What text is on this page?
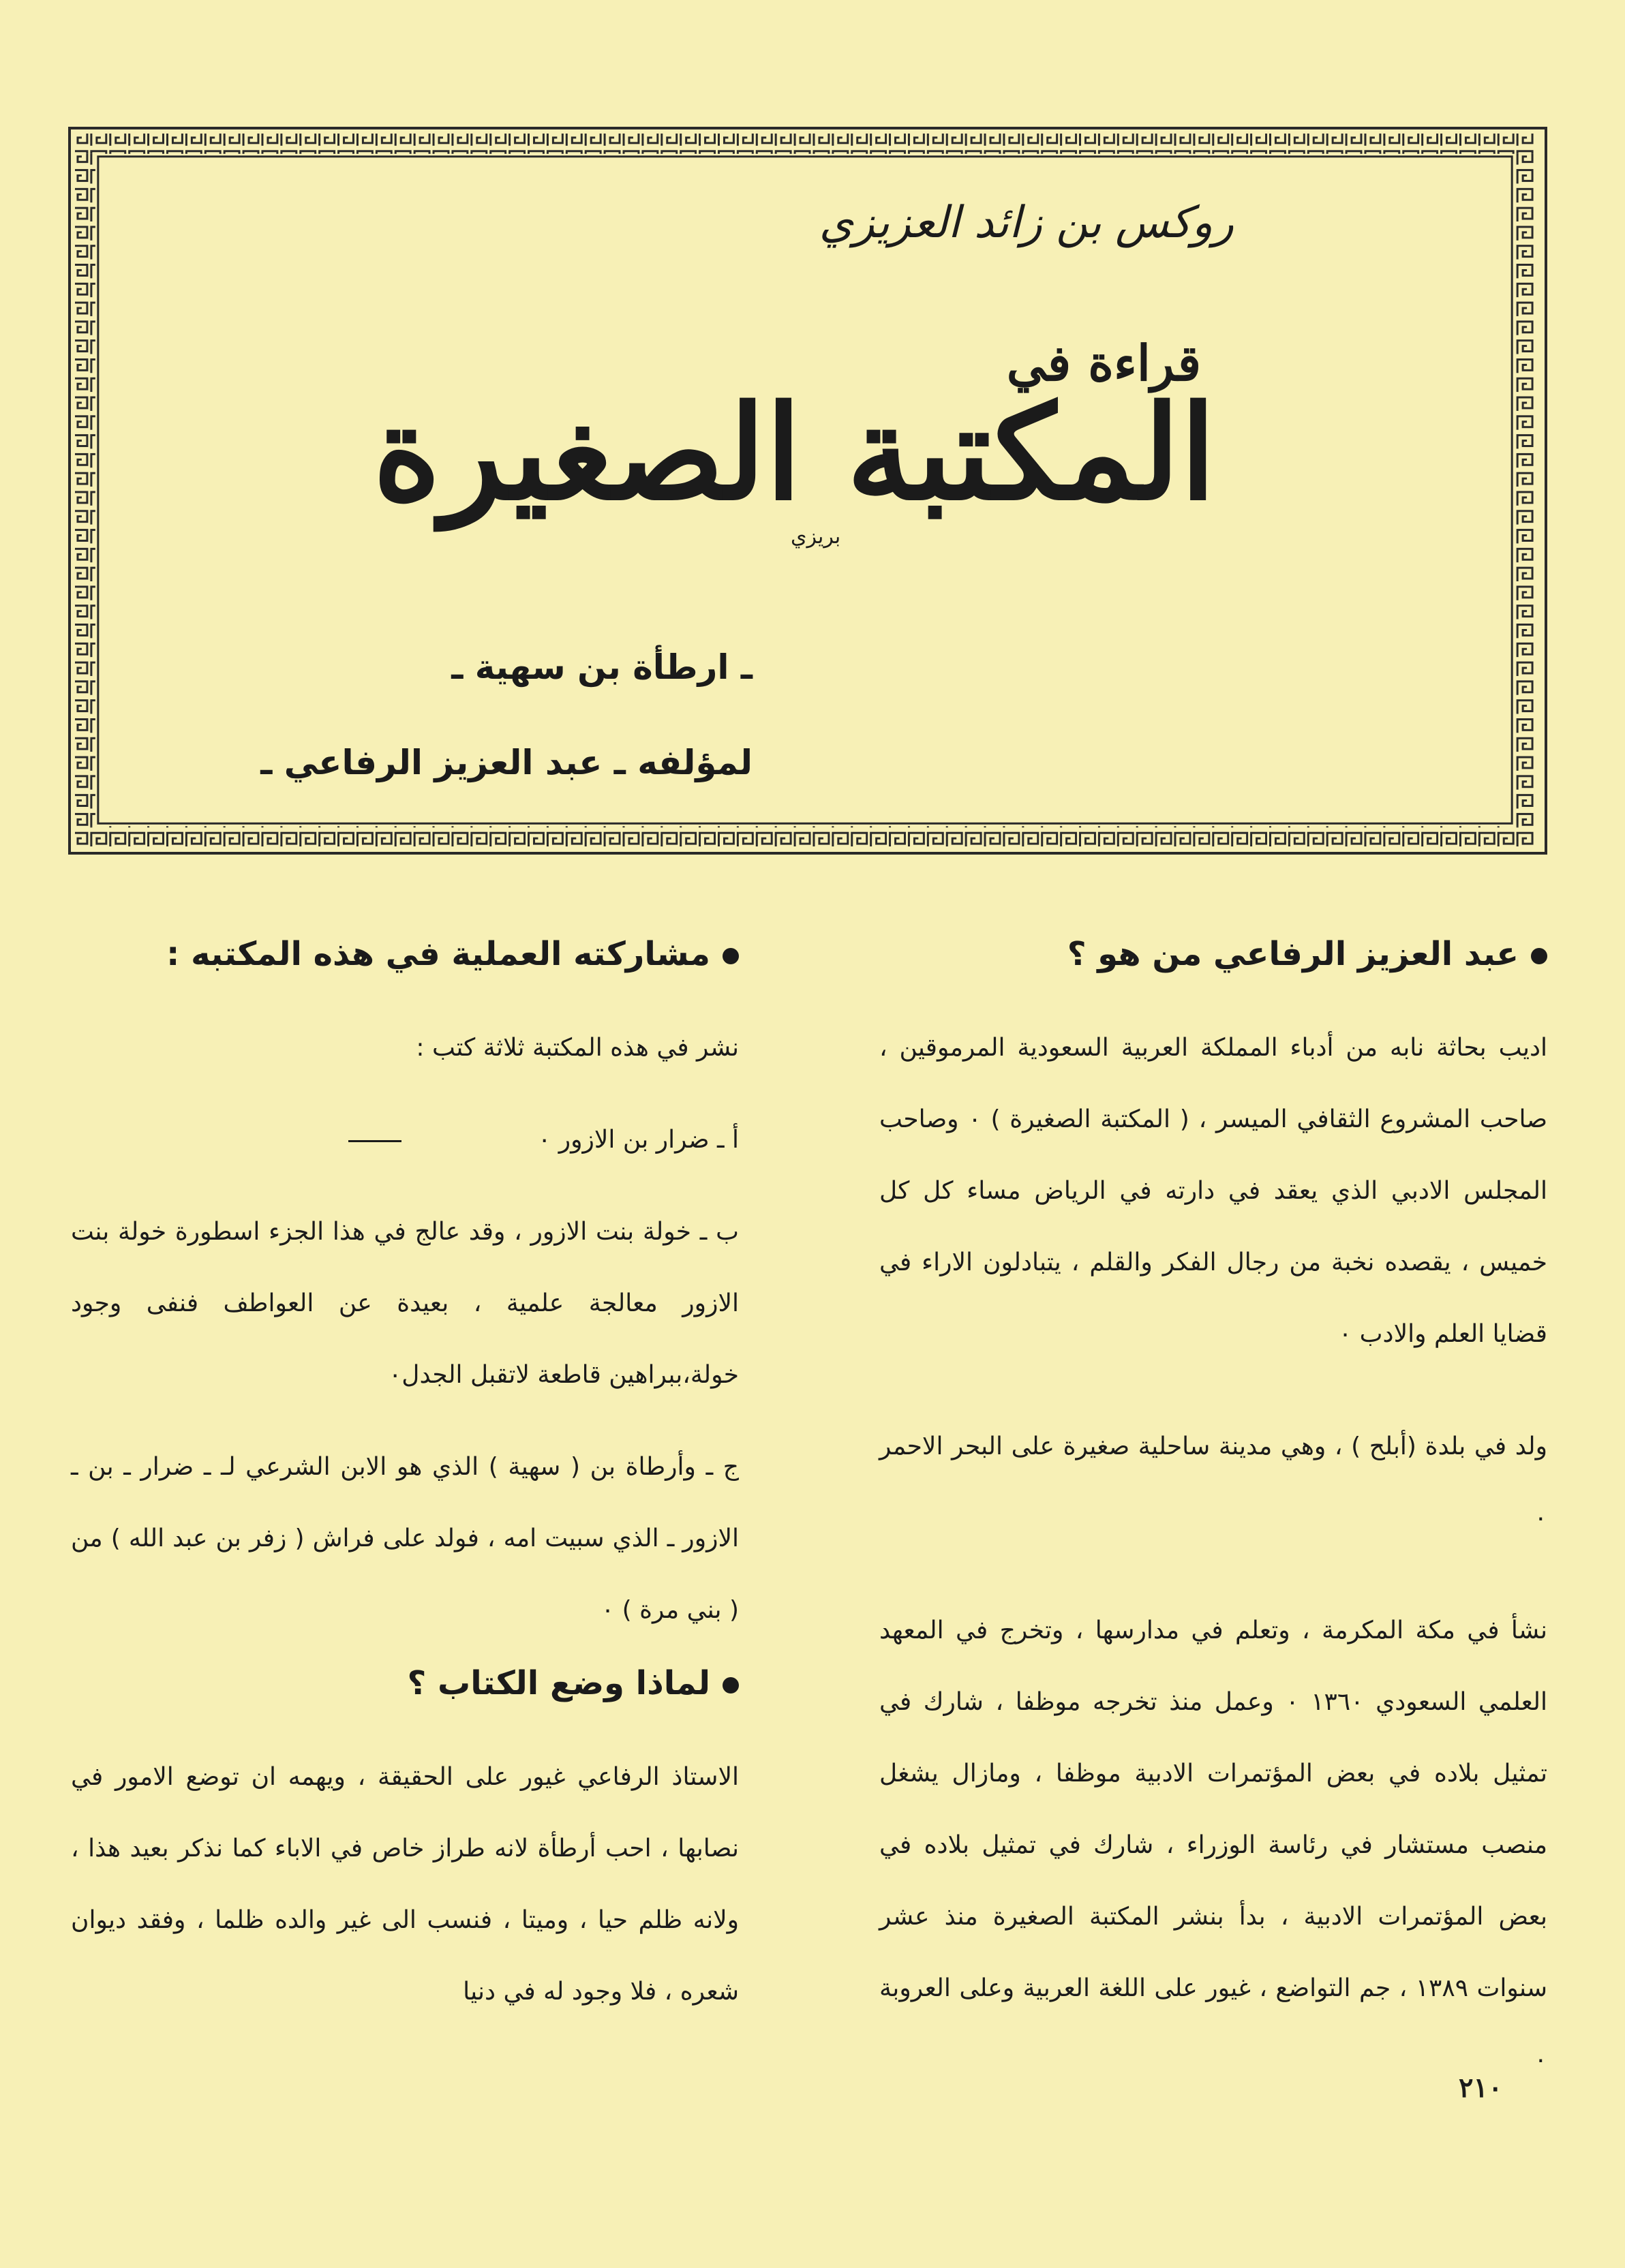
روكس بن زائد العزيزي
قراءة في
المكتبة الصغيرة
بريزي
ـ ارطأة بن سهية ـ
لمؤلفه ـ عبد العزيز الرفاعي ـ
عبد العزيز الرفاعي من هو ؟

اديب بحاثة نابه من أدباء المملكة العربية السعودية المرموقين ، صاحب المشروع الثقافي الميسر ، ( المكتبة الصغيرة ) ٠ وصاحب المجلس الادبي الذي يعقد في دارته في الرياض مساء كل كل خميس ، يقصده نخبة من رجال الفكر والقلم ، يتبادلون الاراء في قضايا العلم والادب ٠

ولد في بلدة (أبلح ) ، وهي مدينة ساحلية صغيرة على البحر الاحمر ٠

نشأ في مكة المكرمة ، وتعلم في مدارسها ، وتخرج في المعهد العلمي السعودي ١٣٦٠ ٠ وعمل منذ تخرجه موظفا ، شارك في تمثيل بلاده في بعض المؤتمرات الادبية موظفا ، ومازال يشغل منصب مستشار في رئاسة الوزراء ، شارك في تمثيل بلاده في بعض المؤتمرات الادبية ، بدأ بنشر المكتبة الصغيرة منذ عشر سنوات ١٣٨٩ ، جم التواضع ، غيور على اللغة العربية وعلى العروبة ٠

مشاركته العملية في هذه المكتبه :

نشر في هذه المكتبة ثلاثة كتب :

أ ـ ضرار بن الازور ٠

ب ـ خولة بنت الازور ، وقد عالج في هذا الجزء اسطورة خولة بنت الازور معالجة علمية ، بعيدة عن العواطف فنفى وجود خولة،ببراهين قاطعة لاتقبل الجدل٠

ج ـ وأرطاة بن ( سهية ) الذي هو الابن الشرعي لـ ـ ضرار ـ بن ـ الازور ـ الذي سبيت امه ، فولد على فراش ( زفر بن عبد الله ) من ( بني مرة ) ٠

لماذا وضع الكتاب ؟

الاستاذ الرفاعي غيور على الحقيقة ، ويهمه ان توضع الامور في نصابها ، احب أرطأة لانه طراز خاص في الاباء كما نذكر بعيد هذا ، ولانه ظلم حيا ، وميتا ، فنسب الى غير والده ظلما ، وفقد ديوان شعره ، فلا وجود له في دنيا

٢١٠
